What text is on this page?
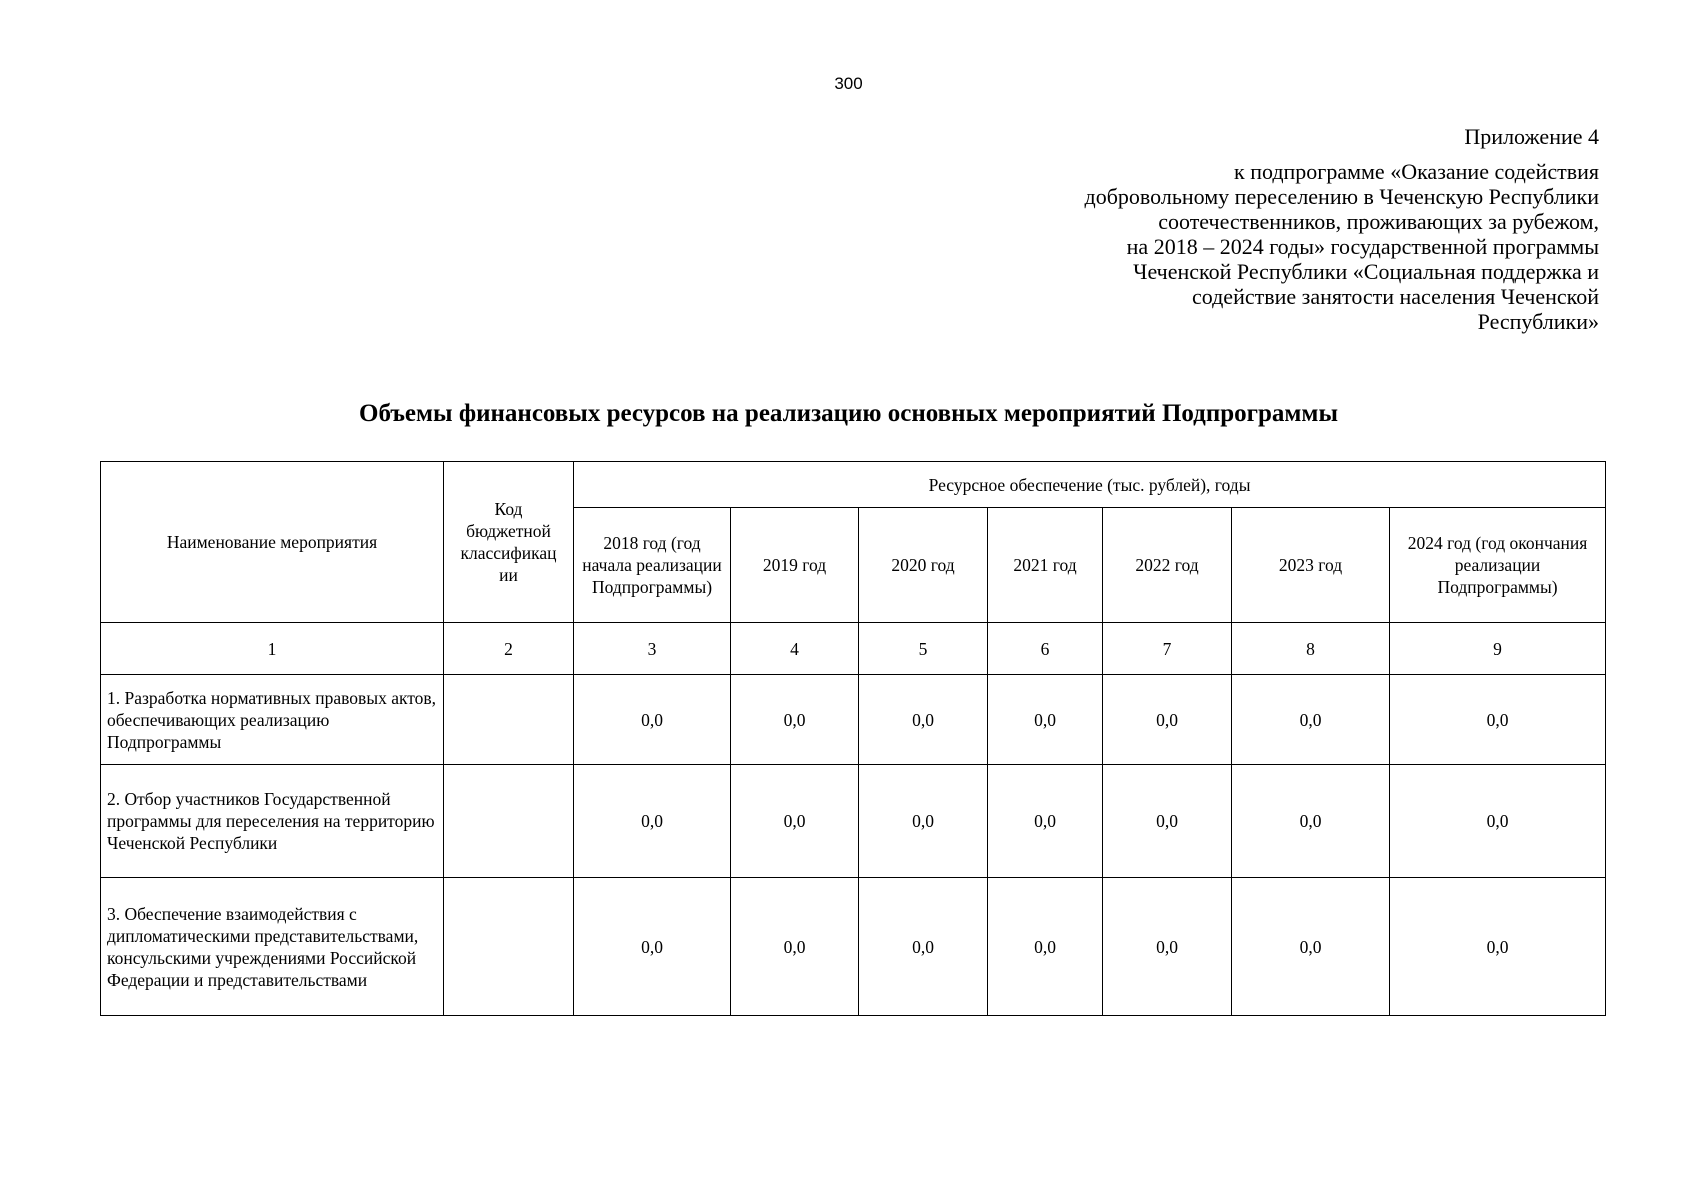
300
Приложение 4
к подпрограмме «Оказание содействия
добровольному переселению в Чеченскую Республики
соотечественников, проживающих за рубежом,
на 2018 – 2024 годы» государственной программы
Чеченской Республики «Социальная поддержка и
содействие занятости населения Чеченской
Республики»
Объемы финансовых ресурсов на реализацию основных мероприятий Подпрограммы
Наименование мероприятия	Код бюджетной классификац ии	Ресурсное обеспечение (тыс. рублей), годы						
		2018 год (год начала реализации Подпрограммы)	2019 год	2020 год	2021 год	2022 год	2023 год	2024 год (год окончания реализации Подпрограммы)
1	2	3	4	5	6	7	8	9
1. Разработка нормативных правовых актов, обеспечивающих реализацию Подпрограммы		0,0	0,0	0,0	0,0	0,0	0,0	0,0
2. Отбор участников Государственной программы для переселения на территорию Чеченской Республики		0,0	0,0	0,0	0,0	0,0	0,0	0,0
3. Обеспечение взаимодействия с дипломатическими представительствами, консульскими учреждениями Российской Федерации и представительствами		0,0	0,0	0,0	0,0	0,0	0,0	0,0
